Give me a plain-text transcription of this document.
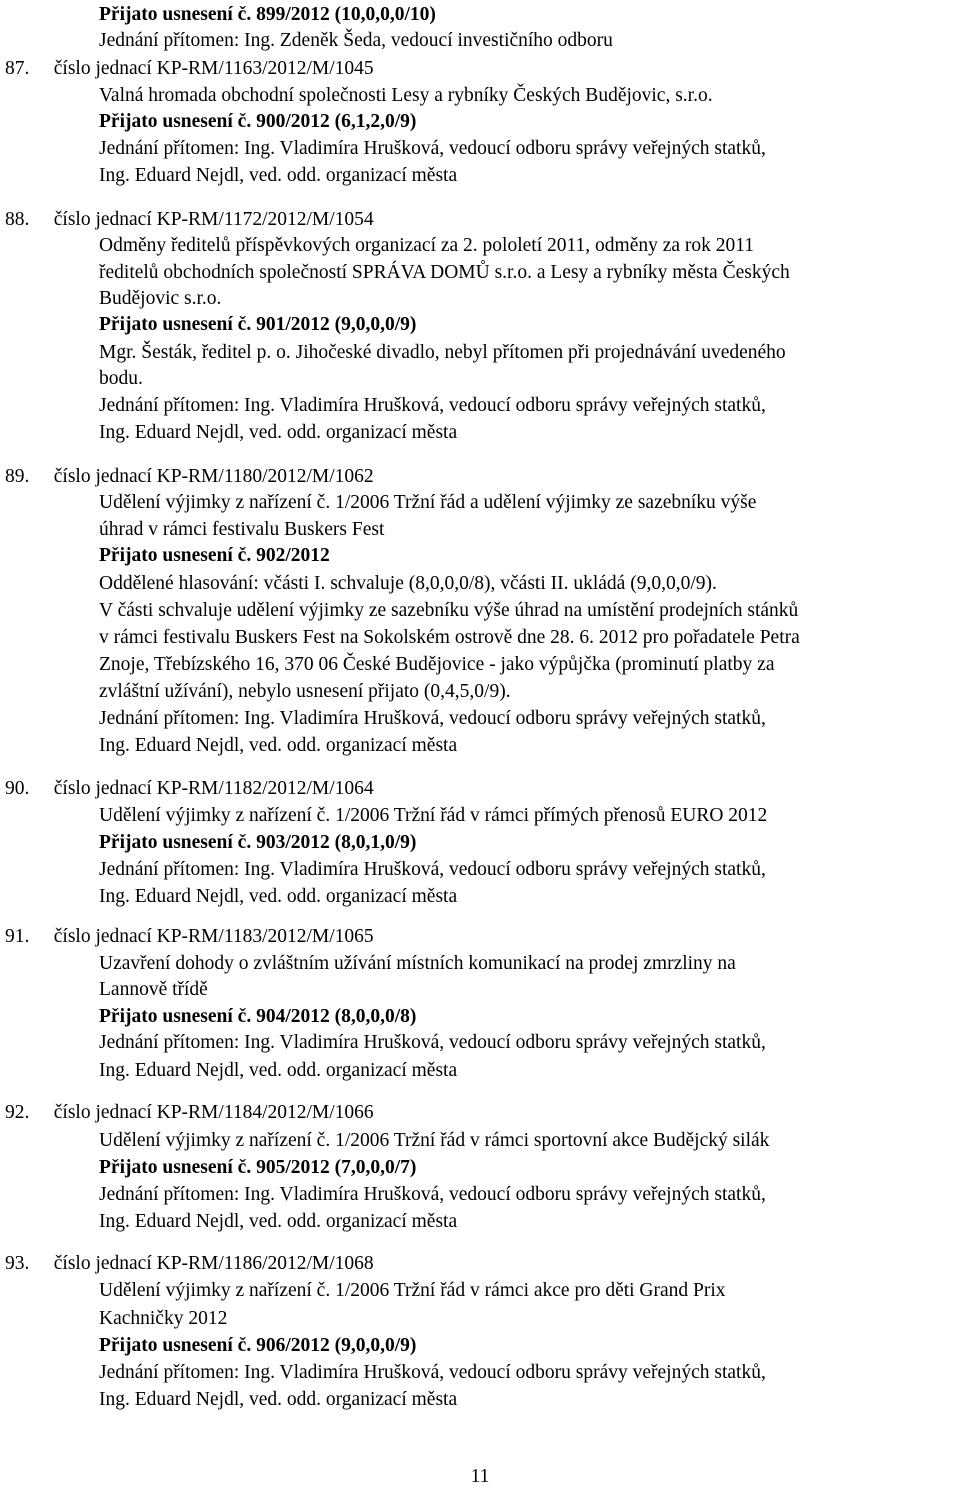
Přijato usnesení č. 899/2012 (10,0,0,0/10)
Jednání přítomen: Ing. Zdeněk Šeda, vedoucí investičního odboru
87.     číslo jednací KP-RM/1163/2012/M/1045
Valná hromada obchodní společnosti Lesy a rybníky Českých Budějovic, s.r.o.
Přijato usnesení č. 900/2012 (6,1,2,0/9)
Jednání přítomen: Ing. Vladimíra Hrušková, vedoucí odboru správy veřejných statků,
Ing. Eduard Nejdl, ved. odd. organizací města
88.     číslo jednací KP-RM/1172/2012/M/1054
Odměny ředitelů příspěvkových organizací za 2. pololetí 2011, odměny za rok 2011
ředitelů obchodních společností SPRÁVA DOMŮ s.r.o. a Lesy a rybníky města Českých
Budějovic s.r.o.
Přijato usnesení č. 901/2012 (9,0,0,0/9)
Mgr. Šesták, ředitel p. o. Jihočeské divadlo, nebyl přítomen při projednávání uvedeného
bodu.
Jednání přítomen: Ing. Vladimíra Hrušková, vedoucí odboru správy veřejných statků,
Ing. Eduard Nejdl, ved. odd. organizací města
89.     číslo jednací KP-RM/1180/2012/M/1062
Udělení výjimky z nařízení č. 1/2006 Tržní řád a udělení výjimky ze sazebníku výše
úhrad v rámci festivalu Buskers Fest
Přijato usnesení č. 902/2012
Oddělené hlasování: včásti I. schvaluje (8,0,0,0/8), včásti II. ukládá (9,0,0,0/9).
V části schvaluje udělení výjimky ze sazebníku výše úhrad na umístění prodejních stánků
v rámci festivalu Buskers Fest na Sokolském ostrově dne 28. 6. 2012 pro pořadatele Petra
Znoje, Třebízského 16, 370 06 České Budějovice - jako výpůjčka (prominutí platby za
zvláštní užívání), nebylo usnesení přijato (0,4,5,0/9).
Jednání přítomen: Ing. Vladimíra Hrušková, vedoucí odboru správy veřejných statků,
Ing. Eduard Nejdl, ved. odd. organizací města
90.     číslo jednací KP-RM/1182/2012/M/1064
Udělení výjimky z nařízení č. 1/2006 Tržní řád v rámci přímých přenosů EURO 2012
Přijato usnesení č. 903/2012 (8,0,1,0/9)
Jednání přítomen: Ing. Vladimíra Hrušková, vedoucí odboru správy veřejných statků,
Ing. Eduard Nejdl, ved. odd. organizací města
91.     číslo jednací KP-RM/1183/2012/M/1065
Uzavření dohody o zvláštním užívání místních komunikací na prodej zmrzliny na
Lannově třídě
Přijato usnesení č. 904/2012 (8,0,0,0/8)
Jednání přítomen: Ing. Vladimíra Hrušková, vedoucí odboru správy veřejných statků,
Ing. Eduard Nejdl, ved. odd. organizací města
92.     číslo jednací KP-RM/1184/2012/M/1066
Udělení výjimky z nařízení č. 1/2006 Tržní řád v rámci sportovní akce Budějcký silák
Přijato usnesení č. 905/2012 (7,0,0,0/7)
Jednání přítomen: Ing. Vladimíra Hrušková, vedoucí odboru správy veřejných statků,
Ing. Eduard Nejdl, ved. odd. organizací města
93.     číslo jednací KP-RM/1186/2012/M/1068
Udělení výjimky z nařízení č. 1/2006 Tržní řád v rámci akce pro děti Grand Prix
Kachničky 2012
Přijato usnesení č. 906/2012 (9,0,0,0/9)
Jednání přítomen: Ing. Vladimíra Hrušková, vedoucí odboru správy veřejných statků,
Ing. Eduard Nejdl, ved. odd. organizací města
11
